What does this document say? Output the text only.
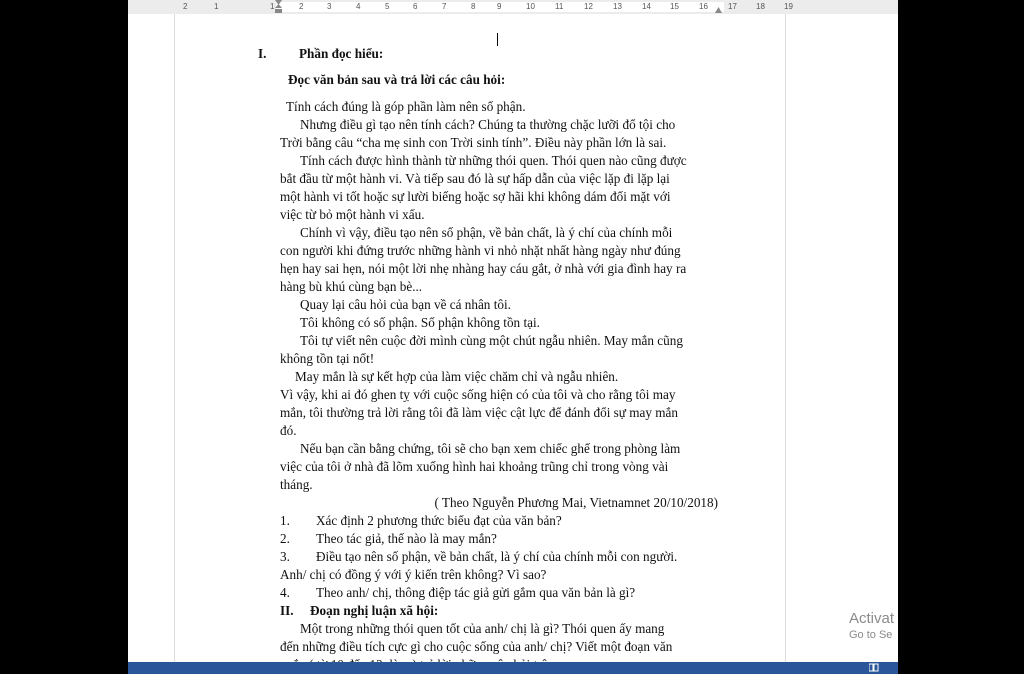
2	1	1	2	3	4	5	6	7	8	9	10	11	12	13	14 15	16	17 18 19

I. Phần đọc hiểu:

Đọc văn bản sau và trả lời các câu hỏi:

Tính cách đúng là góp phần làm nên số phận.

Nhưng điều gì tạo nên tính cách? Chúng ta thường chặc lưỡi đổ tội cho

Trời bằng câu “cha mẹ sinh con Trời sinh tính”. Điều này phần lớn là sai.

Tính cách được hình thành từ những thói quen. Thói quen nào cũng được

bắt đầu từ một hành vi. Và tiếp sau đó là sự hấp dẫn của việc lặp đi lặp lại

một hành vi tốt hoặc sự lười biếng hoặc sợ hãi khi không dám đối mặt với

việc từ bỏ một hành vi xấu.

Chính vì vậy, điều tạo nên số phận, về bản chất, là ý chí của chính mỗi

con người khi đứng trước những hành vi nhỏ nhặt nhất hàng ngày như đúng

hẹn hay sai hẹn, nói một lời nhẹ nhàng hay cáu gắt, ở nhà với gia đình hay ra

hàng bù khú cùng bạn bè...

Quay lại câu hỏi của bạn về cá nhân tôi.

Tôi không có số phận. Số phận không tồn tại.

Tôi tự viết nên cuộc đời mình cùng một chút ngẫu nhiên. May mắn cũng

không tồn tại nốt!

May mắn là sự kết hợp của làm việc chăm chỉ và ngẫu nhiên.

Vì vậy, khi ai đó ghen tỵ với cuộc sống hiện có của tôi và cho rằng tôi may

mắn, tôi thường trả lời rằng tôi đã làm việc cật lực để đánh đổi sự may mắn

đó.

Nếu bạn cần bằng chứng, tôi sẽ cho bạn xem chiếc ghế trong phòng làm

việc của tôi ở nhà đã lõm xuống hình hai khoảng trũng chỉ trong vòng vài

tháng.

( Theo Nguyễn Phương Mai, Vietnamnet 20/10/2018)

1. Xác định 2 phương thức biểu đạt của văn bản?

2. Theo tác giả, thế nào là may mắn?

3. Điều tạo nên số phận, về bản chất, là ý chí của chính mỗi con người.

Anh/ chị có đồng ý với ý kiến trên không? Vì sao?

4. Theo anh/ chị, thông điệp tác giả gửi gắm qua văn bản là gì?

II. Đoạn nghị luận xã hội:

Một trong những thói quen tốt của anh/ chị là gì? Thói quen ấy mang

đến những điều tích cực gì cho cuộc sống của anh/ chị? Viết một đoạn văn

Activat
Go to Se
